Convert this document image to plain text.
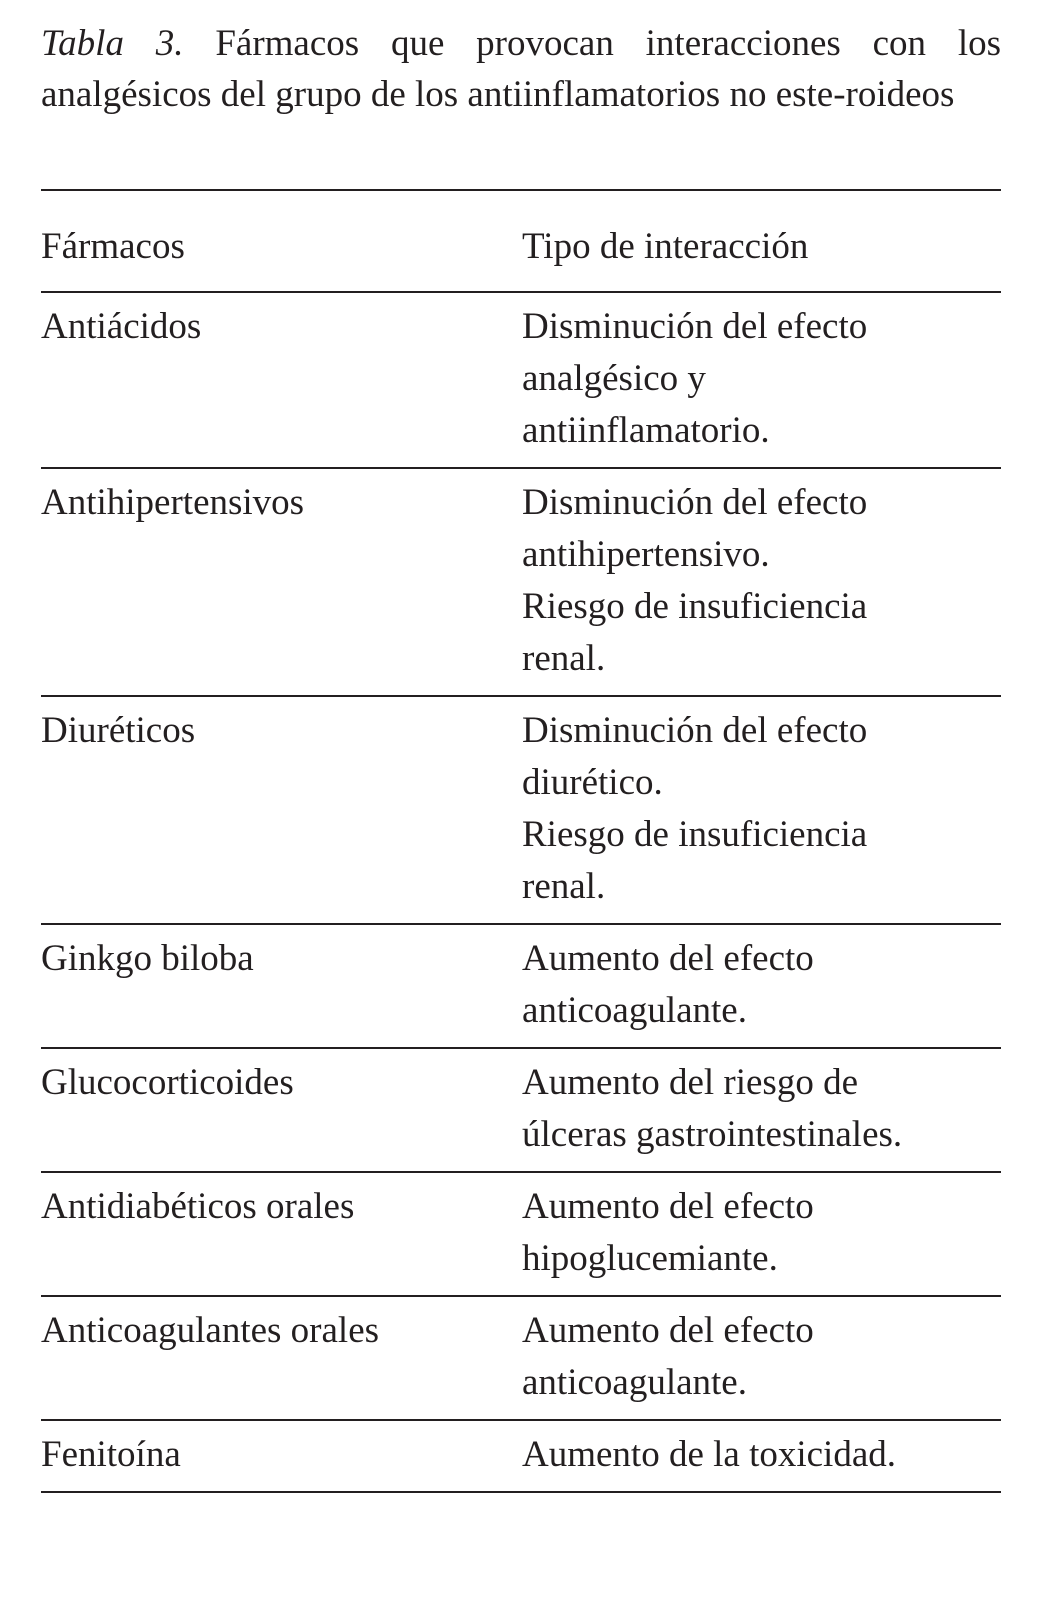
Tabla 3. Fármacos que provocan interacciones con los analgésicos del grupo de los antiinflamatorios no este-roideos

Fármacos	Tipo de interacción
Antiácidos	Disminución del efecto
analgésico y
antiinflamatorio.
Antihipertensivos	Disminución del efecto
antihipertensivo.
Riesgo de insuficiencia
renal.
Diuréticos	Disminución del efecto
diurético.
Riesgo de insuficiencia
renal.
Ginkgo biloba	Aumento del efecto
anticoagulante.
Glucocorticoides	Aumento del riesgo de
úlceras gastrointestinales.
Antidiabéticos orales	Aumento del efecto
hipoglucemiante.
Anticoagulantes orales	Aumento del efecto
anticoagulante.
Fenitoína	Aumento de la toxicidad.
